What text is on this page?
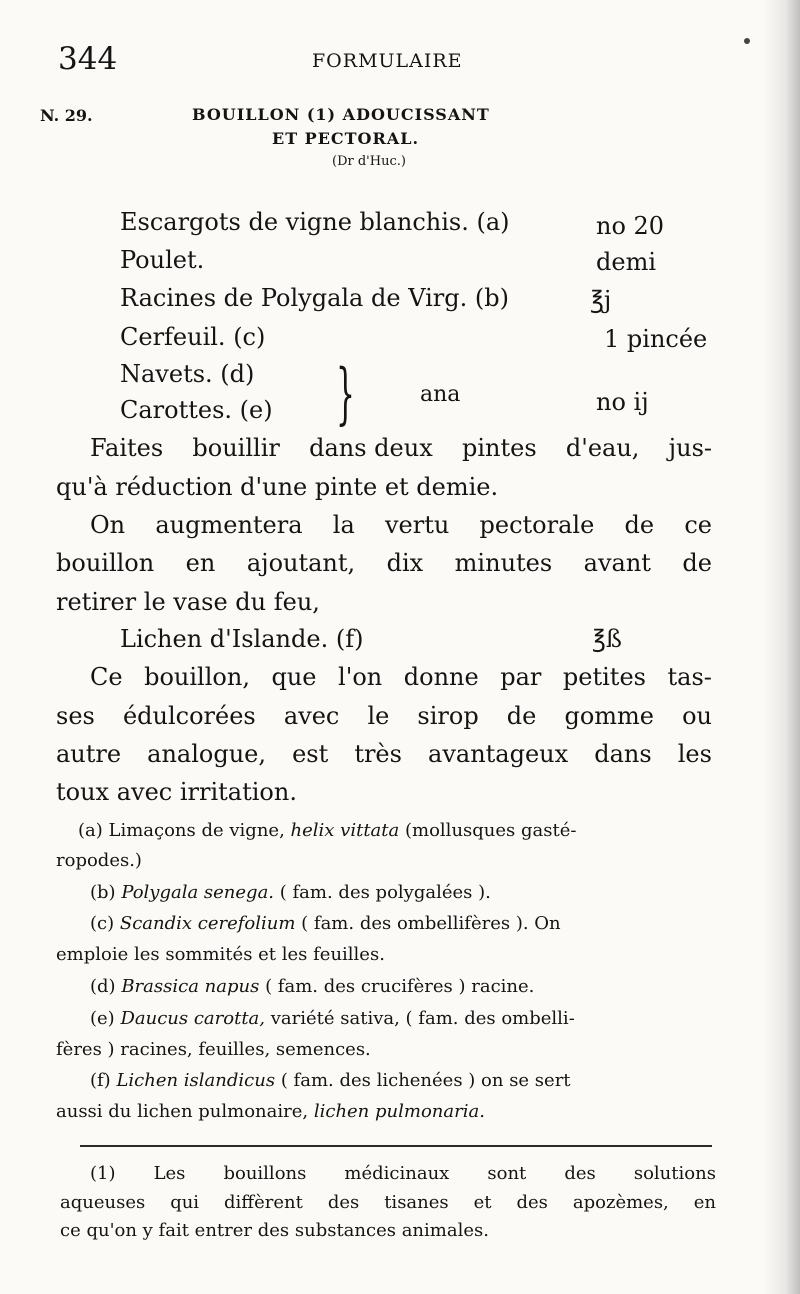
344	FORMULAIRE
N. 29.	BOUILLON (1) ADOUCISSANT
ET PECTORAL.
(Dr d'Huc.)
Escargots de vigne blanchis. (a)	no 20
Poulet.	demi
Racines de Polygala de Virg. (b)	℥j
Cerfeuil. (c)	1 pincée
Navets. (d)
Carottes. (e)	no ij
}	ana
Faites bouillir dans deux pintes d'eau, jus-
qu'à réduction d'une pinte et demie.
On augmentera la vertu pectorale de ce
bouillon en ajoutant, dix minutes avant de
retirer le vase du feu,
Lichen d'Islande. (f)	℥ß
Ce bouillon, que l'on donne par petites tas-
ses édulcorées avec le sirop de gomme ou
autre analogue, est très avantageux dans les
toux avec irritation.
(a) Limaçons de vigne, helix vittata (mollusques gasté-
ropodes.)
(b) Polygala senega. ( fam. des polygalées ).
(c) Scandix cerefolium ( fam. des ombellifères ). On
emploie les sommités et les feuilles.
(d) Brassica napus ( fam. des crucifères ) racine.
(e) Daucus carotta, variété sativa, ( fam. des ombelli-
fères ) racines, feuilles, semences.
(f) Lichen islandicus ( fam. des lichenées ) on se sert
aussi du lichen pulmonaire, lichen pulmonaria.
(1) Les bouillons médicinaux sont des solutions
aqueuses qui diffèrent des tisanes et des apozèmes, en
ce qu'on y fait entrer des substances animales.
